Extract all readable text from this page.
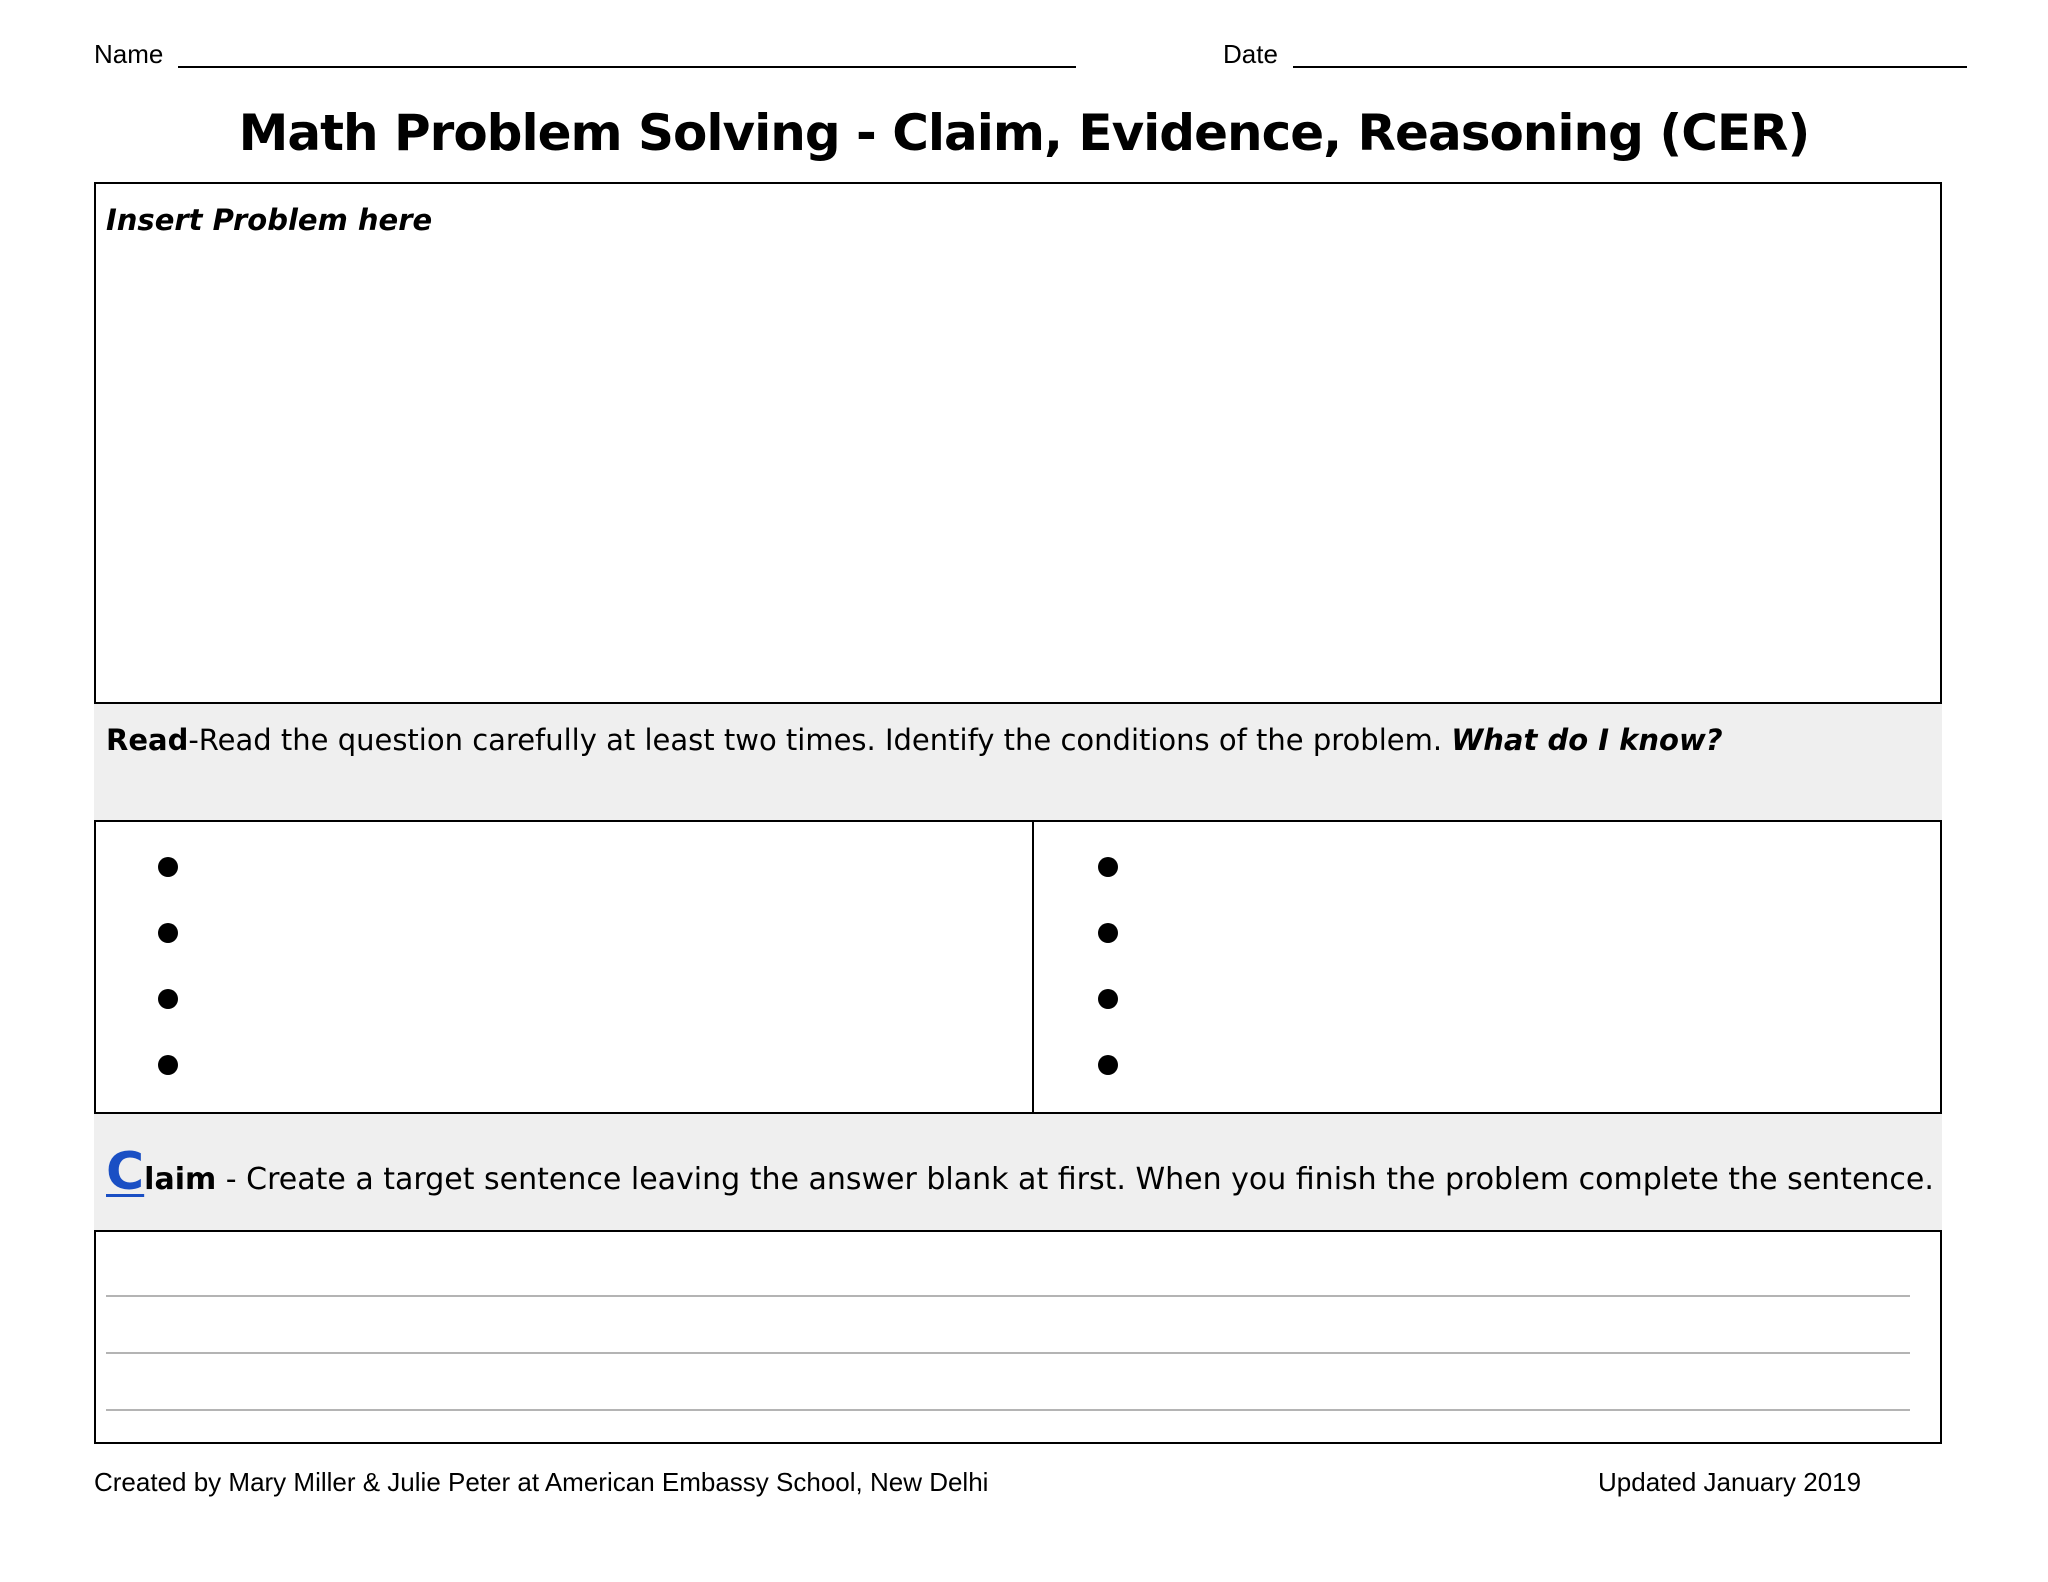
Name	Date
Math Problem Solving - Claim, Evidence, Reasoning (CER)
Insert Problem here
Read-Read the question carefully at least two times. Identify the conditions of the problem. What do I know?
Claim - Create a target sentence leaving the answer blank at first. When you finish the problem complete the sentence.
Created by Mary Miller & Julie Peter at American Embassy School, New Delhi	Updated January 2019
